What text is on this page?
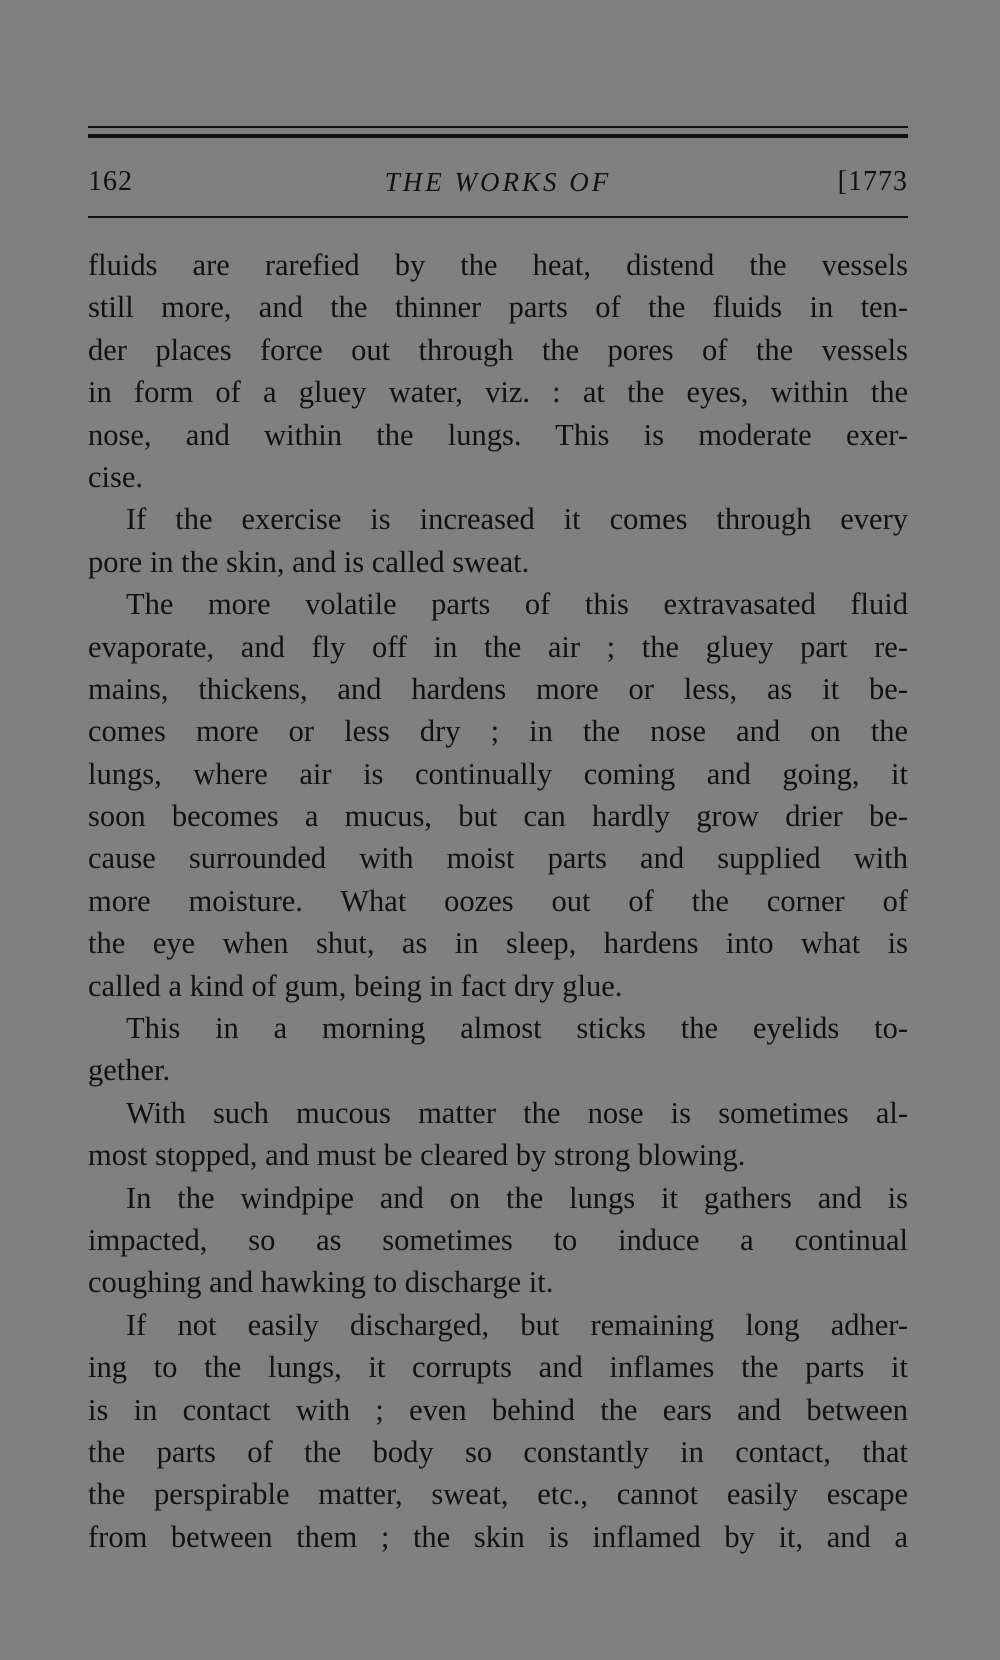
162	THE WORKS OF	[1773
fluids are rarefied by the heat, distend the vessels
still more, and the thinner parts of the fluids in ten-
der places force out through the pores of the vessels
in form of a gluey water, viz. : at the eyes, within the
nose, and within the lungs. This is moderate exer-
cise.
If the exercise is increased it comes through every
pore in the skin, and is called sweat.
The more volatile parts of this extravasated fluid
evaporate, and fly off in the air ; the gluey part re-
mains, thickens, and hardens more or less, as it be-
comes more or less dry ; in the nose and on the
lungs, where air is continually coming and going, it
soon becomes a mucus, but can hardly grow drier be-
cause surrounded with moist parts and supplied with
more moisture. What oozes out of the corner of
the eye when shut, as in sleep, hardens into what is
called a kind of gum, being in fact dry glue.
This in a morning almost sticks the eyelids to-
gether.
With such mucous matter the nose is sometimes al-
most stopped, and must be cleared by strong blowing.
In the windpipe and on the lungs it gathers and is
impacted, so as sometimes to induce a continual
coughing and hawking to discharge it.
If not easily discharged, but remaining long adher-
ing to the lungs, it corrupts and inflames the parts it
is in contact with ; even behind the ears and between
the parts of the body so constantly in contact, that
the perspirable matter, sweat, etc., cannot easily escape
from between them ; the skin is inflamed by it, and a
